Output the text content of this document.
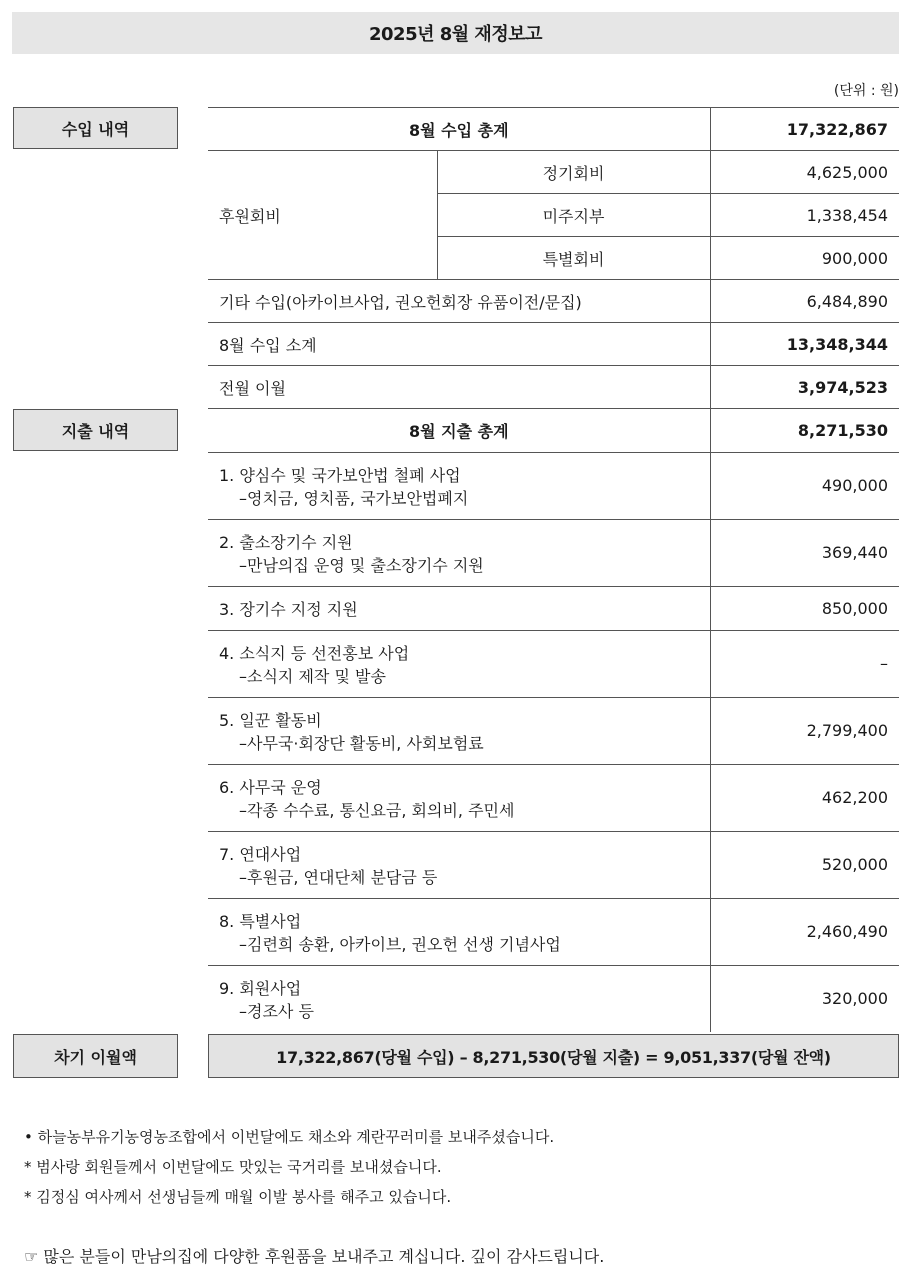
2025년 8월 재정보고
(단위 : 원)
수입 내역	8월 수입 총계		17,322,867
후원회비	정기회비	4,625,000
	미주지부	1,338,454
	특별회비	900,000
기타 수입(아카이브사업, 권오헌회장 유품이전/문집)		6,484,890
8월 수입 소계		13,348,344
전월 이월		3,974,523
지출 내역	8월 지출 총계	8,271,530
1. 양심수 및 국가보안법 철폐 사업
–영치금, 영치품, 국가보안법폐지	490,000
2. 출소장기수 지원
–만남의집 운영 및 출소장기수 지원	369,440
3. 장기수 지정 지원	850,000
4. 소식지 등 선전홍보 사업
–소식지 제작 및 발송	–
5. 일꾼 활동비
–사무국·회장단 활동비, 사회보험료	2,799,400
6. 사무국 운영
–각종 수수료, 통신요금, 회의비, 주민세	462,200
7. 연대사업
–후원금, 연대단체 분담금 등	520,000
8. 특별사업
–김련희 송환, 아카이브, 권오헌 선생 기념사업	2,460,490
9. 회원사업
–경조사 등	320,000
차기 이월액	17,322,867(당월 수입) – 8,271,530(당월 지출) = 9,051,337(당월 잔액)
• 하늘농부유기농영농조합에서 이번달에도 채소와 계란꾸러미를 보내주셨습니다.
* 범사랑 회원들께서 이번달에도 맛있는 국거리를 보내셨습니다.
* 김정심 여사께서 선생님들께 매월 이발 봉사를 해주고 있습니다.
☞ 많은 분들이 만남의집에 다양한 후원품을 보내주고 계십니다. 깊이 감사드립니다.
